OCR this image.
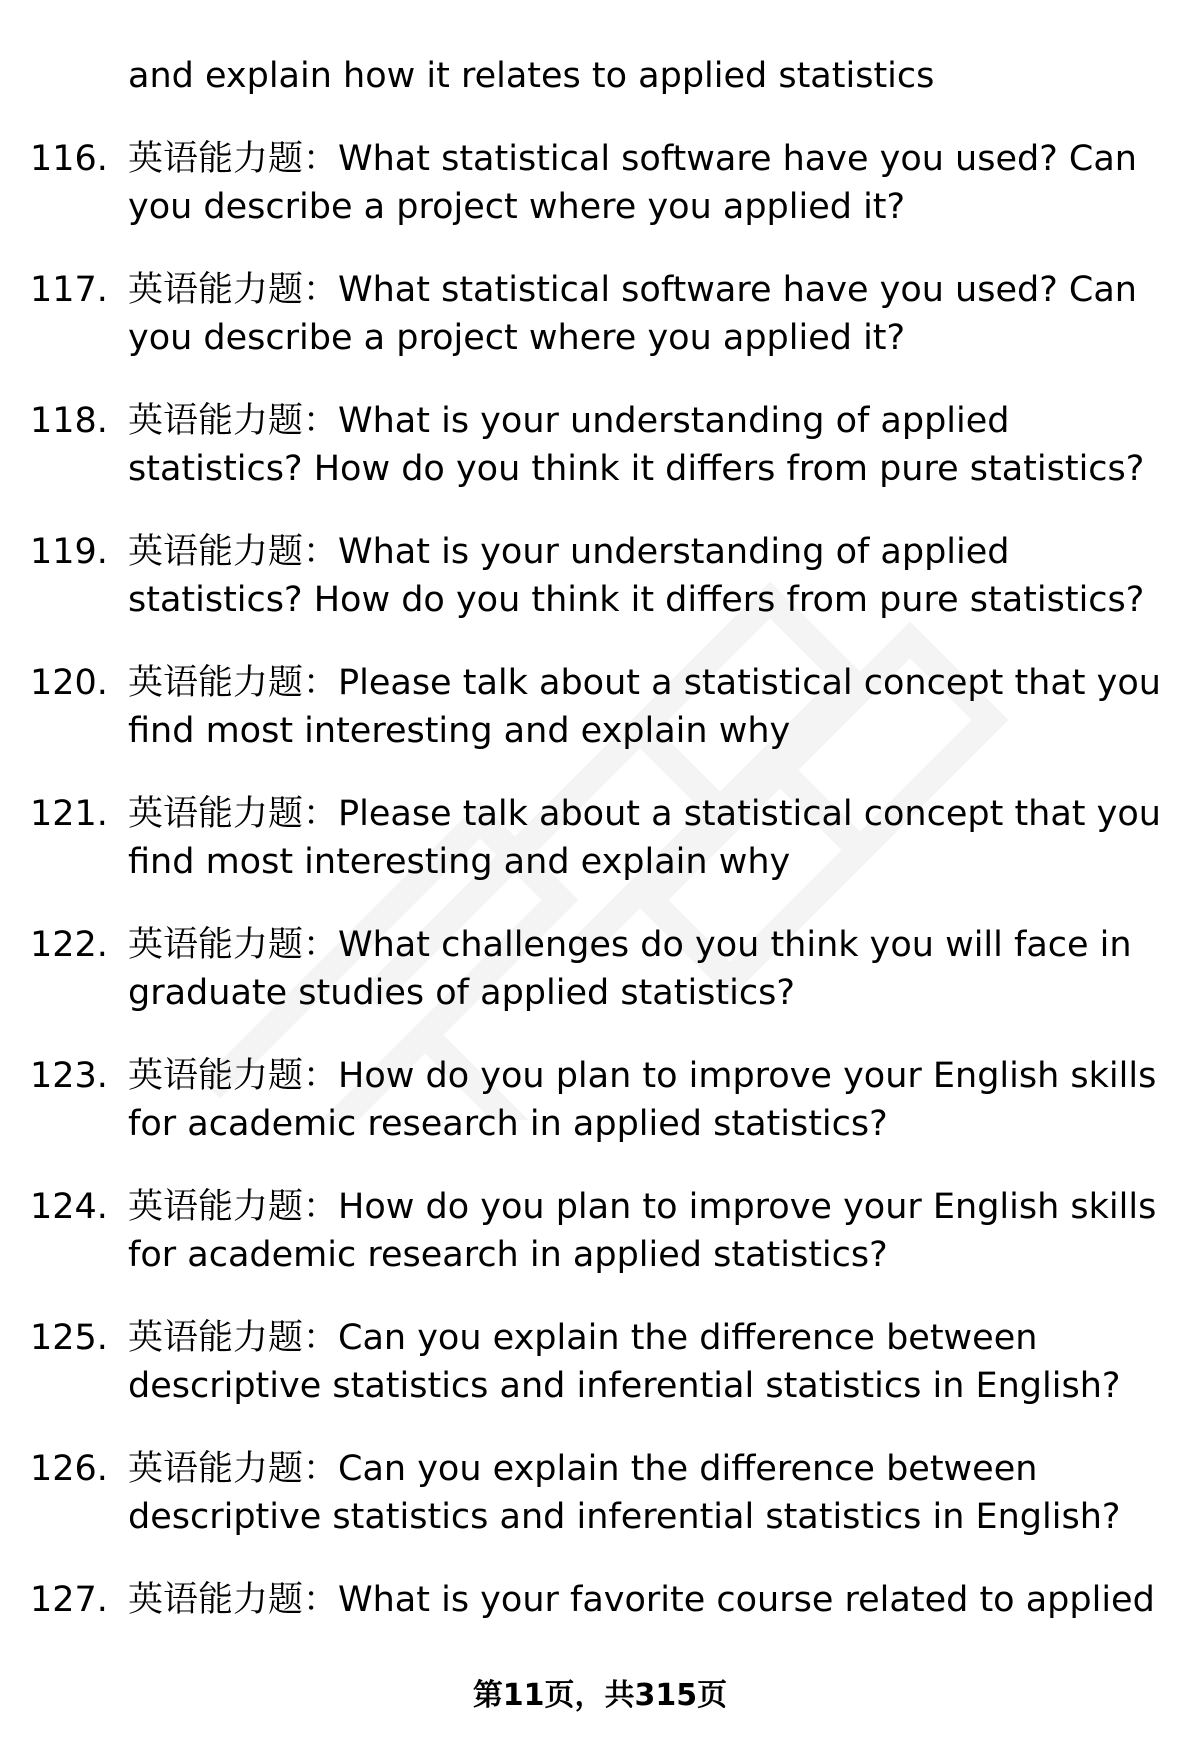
and explain how it relates to applied statistics
116. 英语能力题：What statistical software have you used? Can
you describe a project where you applied it?
117. 英语能力题：What statistical software have you used? Can
you describe a project where you applied it?
118. 英语能力题：What is your understanding of applied
statistics? How do you think it differs from pure statistics?
119. 英语能力题：What is your understanding of applied
statistics? How do you think it differs from pure statistics?
120. 英语能力题：Please talk about a statistical concept that you
find most interesting and explain why
121. 英语能力题：Please talk about a statistical concept that you
find most interesting and explain why
122. 英语能力题：What challenges do you think you will face in
graduate studies of applied statistics?
123. 英语能力题：How do you plan to improve your English skills
for academic research in applied statistics?
124. 英语能力题：How do you plan to improve your English skills
for academic research in applied statistics?
125. 英语能力题：Can you explain the difference between
descriptive statistics and inferential statistics in English?
126. 英语能力题：Can you explain the difference between
descriptive statistics and inferential statistics in English?
127. 英语能力题：What is your favorite course related to applied
第11页，共315页
